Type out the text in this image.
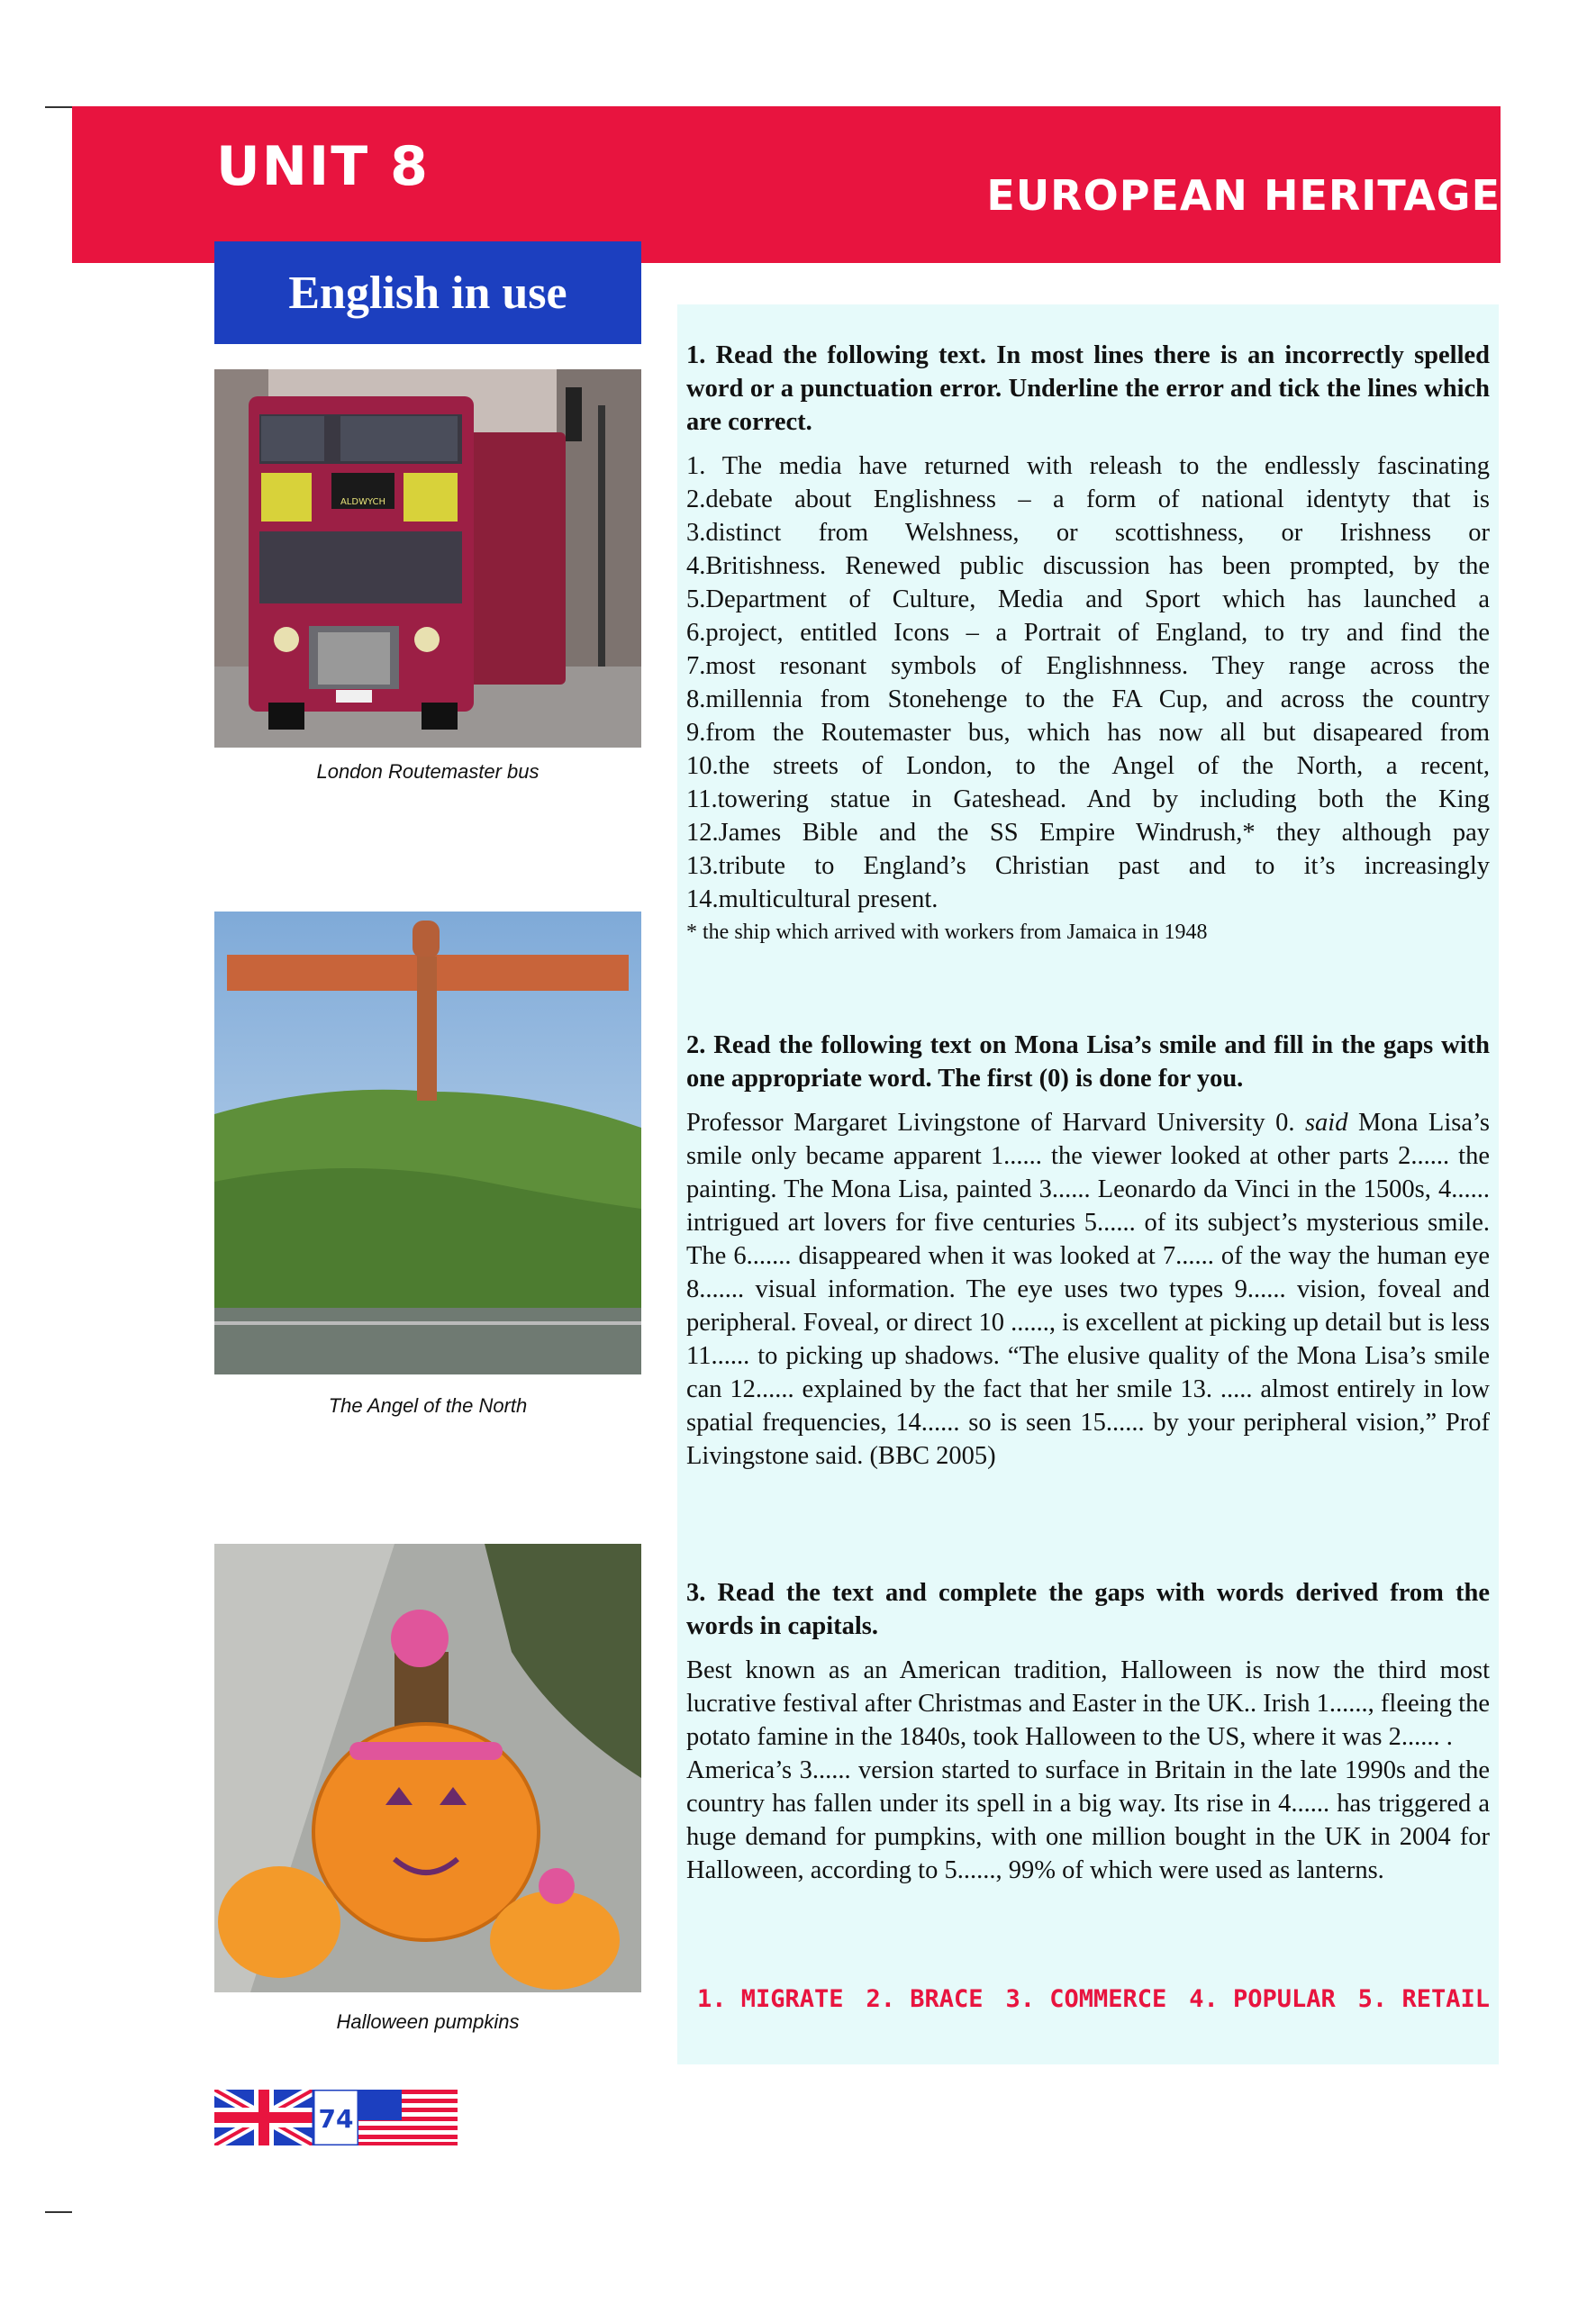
UNIT 8	EUROPEAN HERITAGE
English in use
ALDWYCH
London Routemaster bus
The Angel of the North
Halloween pumpkins

1. Read the following text. In most lines there is an incorrectly spelled word or a punctuation error. Underline the error and tick the lines which are correct.

1. The media have returned with releash to the endlessly fascinating
2.debate about Englishness – a form of national identyty that is
3.distinct from Welshness, or scottishness, or Irishness or
4.Britishness. Renewed public discussion has been prompted, by the
5.Department of Culture, Media and Sport which has launched a
6.project, entitled Icons – a Portrait of England, to try and find the
7.most resonant symbols of Englishnness. They range across the
8.millennia from Stonehenge to the FA Cup, and across the country
9.from the Routemaster bus, which has now all but disapeared from
10.the streets of London, to the Angel of the North, a recent,
11.towering statue in Gateshead. And by including both the King
12.James Bible and the SS Empire Windrush,* they although pay
13.tribute to England’s Christian past and to it’s increasingly
14.multicultural present.

* the ship which arrived with workers from Jamaica in 1948

2. Read the following text on Mona Lisa’s smile and fill in the gaps with one appropriate word. The first (0) is done for you.

Professor Margaret Livingstone of Harvard University 0. said Mona Lisa’s smile only became apparent 1...... the viewer looked at other parts 2...... the painting. The Mona Lisa, painted 3...... Leonardo da Vinci in the 1500s, 4...... intrigued art lovers for five centuries 5...... of its subject’s mysterious smile. The 6....... disappeared when it was looked at 7...... of the way the human eye 8....... visual information. The eye uses two types 9...... vision, foveal and peripheral. Foveal, or direct 10 ......, is excellent at picking up detail but is less 11...... to picking up shadows. “The elusive quality of the Mona Lisa’s smile can 12...... explained by the fact that her smile 13. ..... almost entirely in low spatial frequencies, 14...... so is seen 15...... by your peripheral vision,” Prof Livingstone said. (BBC 2005)

3. Read the text and complete the gaps with words derived from the words in capitals.

Best known as an American tradition, Halloween is now the third most lucrative festival after Christmas and Easter in the UK.. Irish 1......, fleeing the potato famine in the 1840s, took Halloween to the US, where it was 2...... .

America’s 3...... version started to surface in Britain in the late 1990s and the country has fallen under its spell in a big way. Its rise in 4...... has triggered a huge demand for pumpkins, with one million bought in the UK in 2004 for Halloween, according to 5......, 99% of which were used as lanterns.

1. MIGRATE 2. BRACE 3. COMMERCE 4. POPULAR 5. RETAIL
74
